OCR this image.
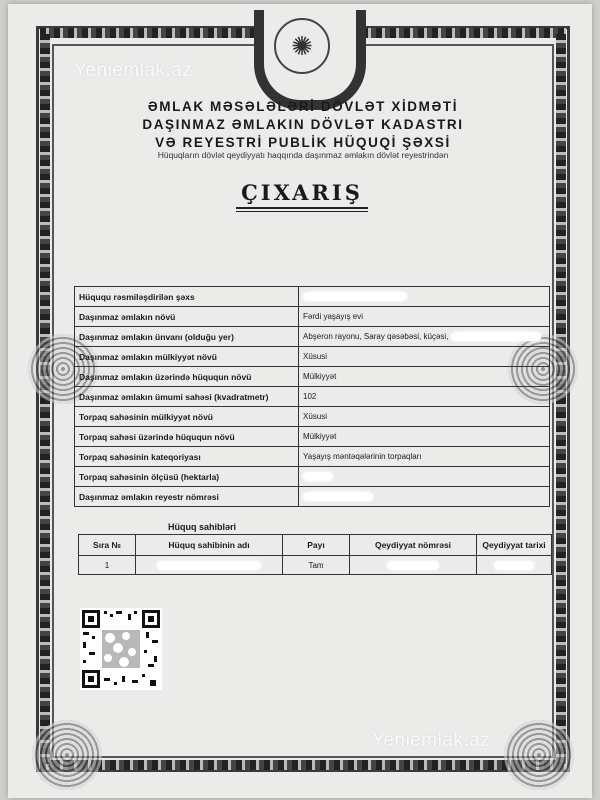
✺
Yeniemlak.az
ƏMLAK MƏSƏLƏLƏRİ DÖVLƏT XİDMƏTİ
DAŞINMAZ ƏMLAKIN DÖVLƏT KADASTRI
VƏ REYESTRİ PUBLİK HÜQUQİ ŞƏXSİ
Hüquqların dövlət qeydiyyatı haqqında daşınmaz əmlakın dövlət reyestrindən
ÇIXARIŞ
Hüququ rəsmiləşdirilən şəxs	
Daşınmaz əmlakın növü	Fərdi yaşayış evi
Daşınmaz əmlakın ünvanı (olduğu yer)	Abşeron rayonu, Saray qəsəbəsi, küçəsi,
Daşınmaz əmlakın mülkiyyət növü	Xüsusi
Daşınmaz əmlakın üzərində hüququn növü	Mülkiyyət
Daşınmaz əmlakın ümumi sahəsi (kvadratmetr)	102
Torpaq sahəsinin mülkiyyət növü	Xüsusi
Torpaq sahəsi üzərində hüququn növü	Mülkiyyət
Torpaq sahəsinin kateqoriyası	Yaşayış məntəqələrinin torpaqları
Torpaq sahəsinin ölçüsü (hektarla)	
Daşınmaz əmlakın reyestr nömrəsi	
Hüquq sahibləri
Sıra №	Hüquq sahibinin adı	Payı	Qeydiyyat nömrəsi	Qeydiyyat tarixi
1		Tam		
Yeniemlak.az
